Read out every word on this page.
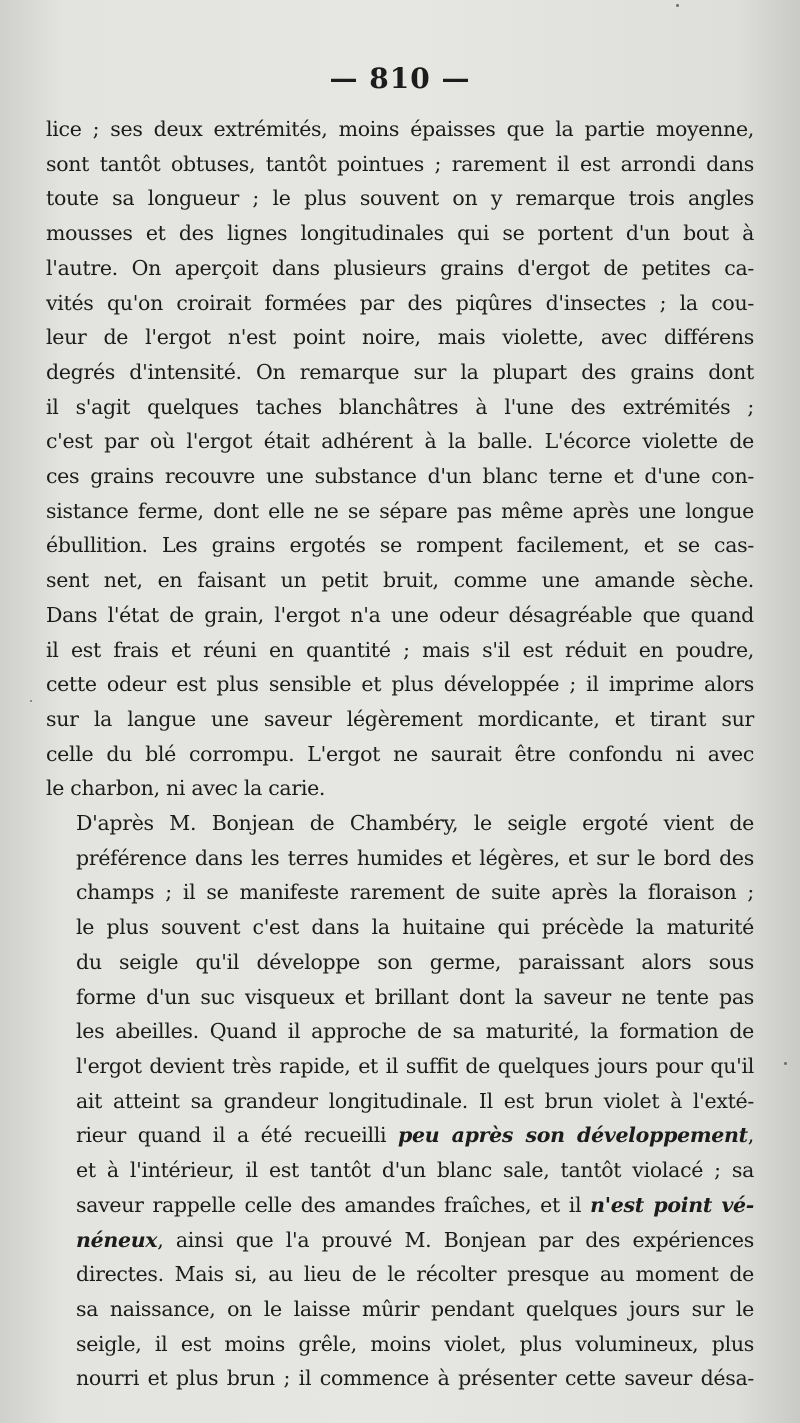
— 810 —

lice ; ses deux extrémités, moins épaisses que la partie moyenne,
sont tantôt obtuses, tantôt pointues ; rarement il est arrondi dans
toute sa longueur ; le plus souvent on y remarque trois angles
mousses et des lignes longitudinales qui se portent d'un bout à
l'autre. On aperçoit dans plusieurs grains d'ergot de petites ca-
vités qu'on croirait formées par des piqûres d'insectes ; la cou-
leur de l'ergot n'est point noire, mais violette, avec différens
degrés d'intensité. On remarque sur la plupart des grains dont
il s'agit quelques taches blanchâtres à l'une des extrémités ;
c'est par où l'ergot était adhérent à la balle. L'écorce violette de
ces grains recouvre une substance d'un blanc terne et d'une con-
sistance ferme, dont elle ne se sépare pas même après une longue
ébullition. Les grains ergotés se rompent facilement, et se cas-
sent net, en faisant un petit bruit, comme une amande sèche.
Dans l'état de grain, l'ergot n'a une odeur désagréable que quand
il est frais et réuni en quantité ; mais s'il est réduit en poudre,
cette odeur est plus sensible et plus développée ; il imprime alors
sur la langue une saveur légèrement mordicante, et tirant sur
celle du blé corrompu. L'ergot ne saurait être confondu ni avec
le charbon, ni avec la carie.

D'après M. Bonjean de Chambéry, le seigle ergoté vient de
préférence dans les terres humides et légères, et sur le bord des
champs ; il se manifeste rarement de suite après la floraison ;
le plus souvent c'est dans la huitaine qui précède la maturité
du seigle qu'il développe son germe, paraissant alors sous
forme d'un suc visqueux et brillant dont la saveur ne tente pas
les abeilles. Quand il approche de sa maturité, la formation de
l'ergot devient très rapide, et il suffit de quelques jours pour qu'il
ait atteint sa grandeur longitudinale. Il est brun violet à l'exté-
rieur quand il a été recueilli peu après son développement,
et à l'intérieur, il est tantôt d'un blanc sale, tantôt violacé ; sa
saveur rappelle celle des amandes fraîches, et il n'est point vé-
néneux, ainsi que l'a prouvé M. Bonjean par des expériences
directes. Mais si, au lieu de le récolter presque au moment de
sa naissance, on le laisse mûrir pendant quelques jours sur le
seigle, il est moins grêle, moins violet, plus volumineux, plus
nourri et plus brun ; il commence à présenter cette saveur désa-
